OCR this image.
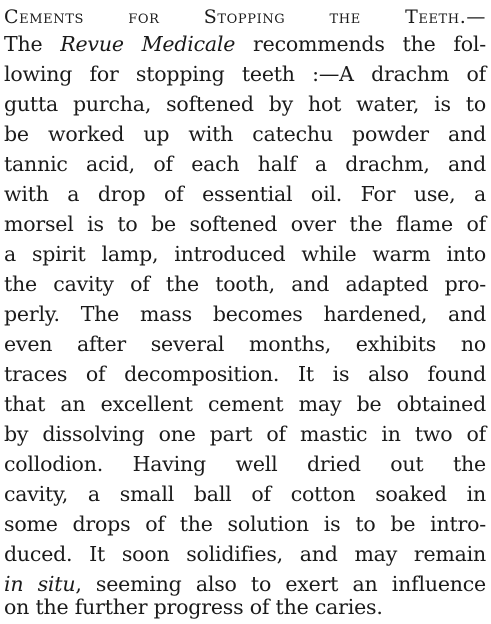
Cements for Stopping the Teeth.—
The Revue Medicale recommends the fol-
lowing for stopping teeth :—A drachm of
gutta purcha, softened by hot water, is to
be worked up with catechu powder and
tannic acid, of each half a drachm, and
with a drop of essential oil. For use, a
morsel is to be softened over the flame of
a spirit lamp, introduced while warm into
the cavity of the tooth, and adapted pro-
perly. The mass becomes hardened, and
even after several months, exhibits no
traces of decomposition. It is also found
that an excellent cement may be obtained
by dissolving one part of mastic in two of
collodion. Having well dried out the
cavity, a small ball of cotton soaked in
some drops of the solution is to be intro-
duced. It soon solidifies, and may remain
in situ, seeming also to exert an influence
on the further progress of the caries.
